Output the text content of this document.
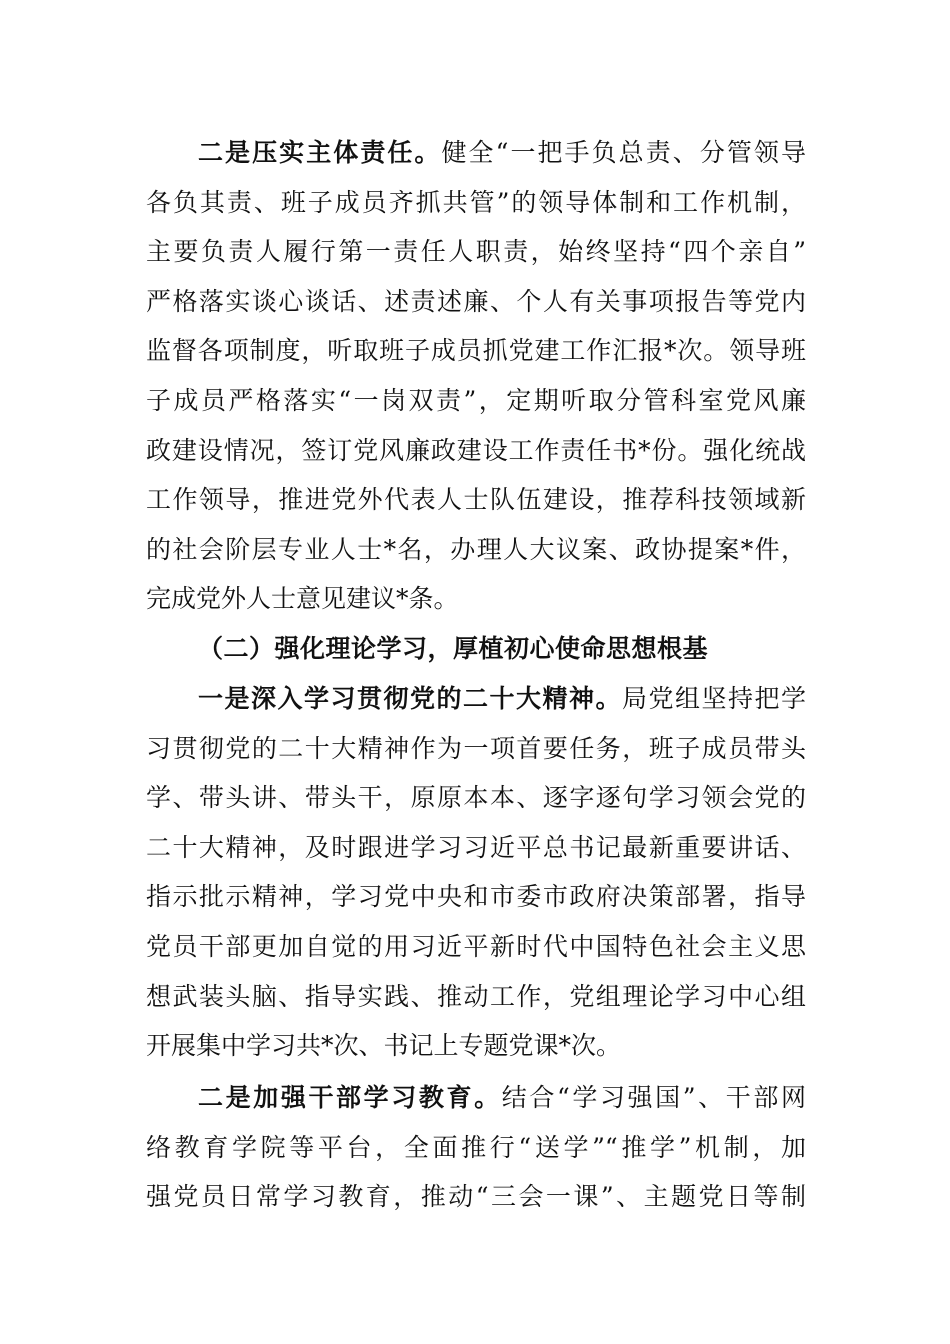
二是压实主体责任。健全“一把手负总责、分管领导
各负其责、班子成员齐抓共管”的领导体制和工作机制，
主要负责人履行第一责任人职责，始终坚持“四个亲自”
严格落实谈心谈话、述责述廉、个人有关事项报告等党内
监督各项制度，听取班子成员抓党建工作汇报*次。领导班
子成员严格落实“一岗双责”，定期听取分管科室党风廉
政建设情况，签订党风廉政建设工作责任书*份。强化统战
工作领导，推进党外代表人士队伍建设，推荐科技领域新
的社会阶层专业人士*名，办理人大议案、政协提案*件，
完成党外人士意见建议*条。
（二）强化理论学习，厚植初心使命思想根基
一是深入学习贯彻党的二十大精神。局党组坚持把学
习贯彻党的二十大精神作为一项首要任务，班子成员带头
学、带头讲、带头干，原原本本、逐字逐句学习领会党的
二十大精神，及时跟进学习习近平总书记最新重要讲话、
指示批示精神，学习党中央和市委市政府决策部署，指导
党员干部更加自觉的用习近平新时代中国特色社会主义思
想武装头脑、指导实践、推动工作，党组理论学习中心组
开展集中学习共*次、书记上专题党课*次。
二是加强干部学习教育。结合“学习强国”、干部网
络教育学院等平台，全面推行“送学”“推学”机制，加
强党员日常学习教育，推动“三会一课”、主题党日等制
